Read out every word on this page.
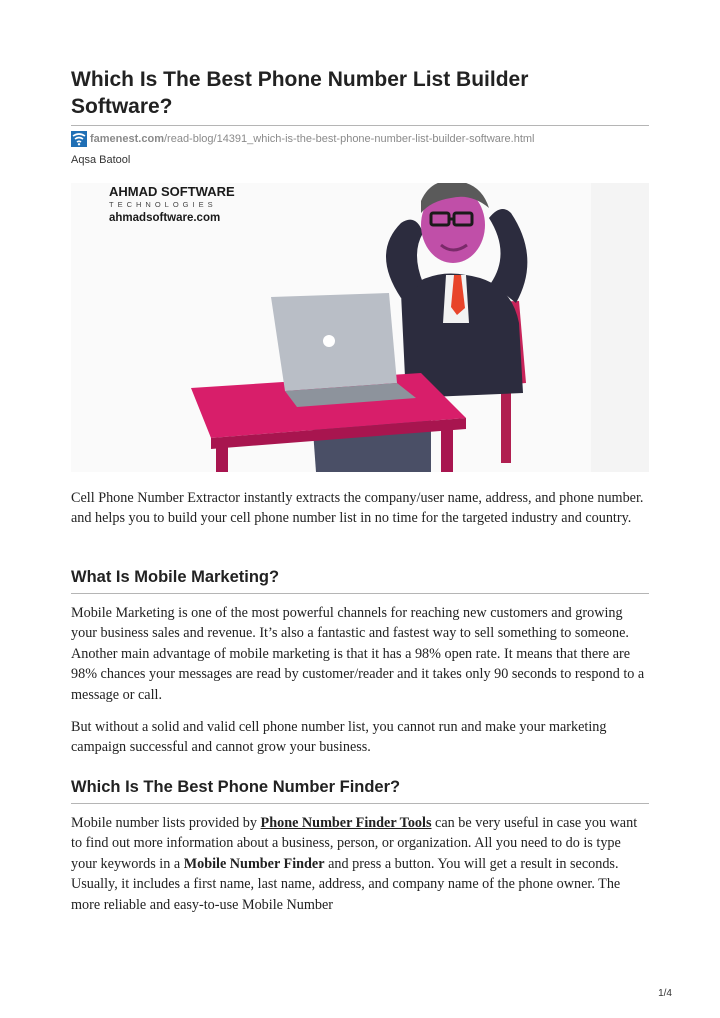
Which Is The Best Phone Number List Builder Software?
famenest.com /read-blog/14391_which-is-the-best-phone-number-list-builder-software.html
Aqsa Batool
AHMAD SOFTWARE
TECHNOLOGIES
ahmadsoftware.com

Cell Phone Number Extractor instantly extracts the company/user name, address, and phone number. and helps you to build your cell phone number list in no time for the targeted industry and country.

What Is Mobile Marketing?

Mobile Marketing is one of the most powerful channels for reaching new customers and growing your business sales and revenue. It’s also a fantastic and fastest way to sell something to someone. Another main advantage of mobile marketing is that it has a 98% open rate. It means that there are 98% chances your messages are read by customer/reader and it takes only 90 seconds to respond to a message or call.

But without a solid and valid cell phone number list, you cannot run and make your marketing campaign successful and cannot grow your business.

Which Is The Best Phone Number Finder?

Mobile number lists provided by Phone Number Finder Tools can be very useful in case you want to find out more information about a business, person, or organization. All you need to do is type your keywords in a Mobile Number Finder and press a button. You will get a result in seconds. Usually, it includes a first name, last name, address, and company name of the phone owner. The more reliable and easy-to-use Mobile Number

1/4
